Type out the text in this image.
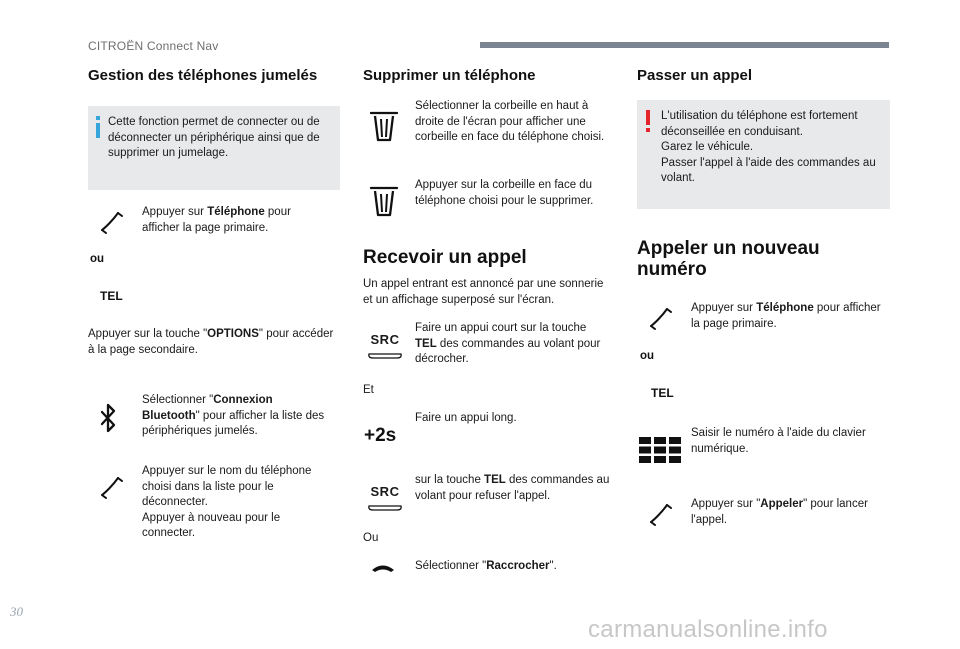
CITROËN Connect Nav
Gestion des téléphones jumelés
Cette fonction permet de connecter ou de déconnecter un périphérique ainsi que de supprimer un jumelage.
Appuyer sur Téléphone pour afficher la page primaire.
ou
TEL
Appuyer sur la touche "OPTIONS" pour accéder à la page secondaire.
Sélectionner "Connexion Bluetooth" pour afficher la liste des périphériques jumelés.
Appuyer sur le nom du téléphone choisi dans la liste pour le déconnecter.
Appuyer à nouveau pour le connecter.
Supprimer un téléphone
Sélectionner la corbeille en haut à droite de l'écran pour afficher une corbeille en face du téléphone choisi.
Appuyer sur la corbeille en face du téléphone choisi pour le supprimer.
Recevoir un appel
Un appel entrant est annoncé par une sonnerie et un affichage superposé sur l'écran.
SRC
Faire un appui court sur la touche TEL des commandes au volant pour décrocher.
Et
+2s
Faire un appui long.
SRC
sur la touche TEL des commandes au volant pour refuser l'appel.
Ou
Sélectionner "Raccrocher".
Passer un appel
L'utilisation du téléphone est fortement déconseillée en conduisant.
Garez le véhicule.
Passer l'appel à l'aide des commandes au volant.
Appeler un nouveau numéro
Appuyer sur Téléphone pour afficher la page primaire.
ou
TEL
Saisir le numéro à l'aide du clavier numérique.
Appuyer sur "Appeler" pour lancer l'appel.
30
carmanualsonline.info
